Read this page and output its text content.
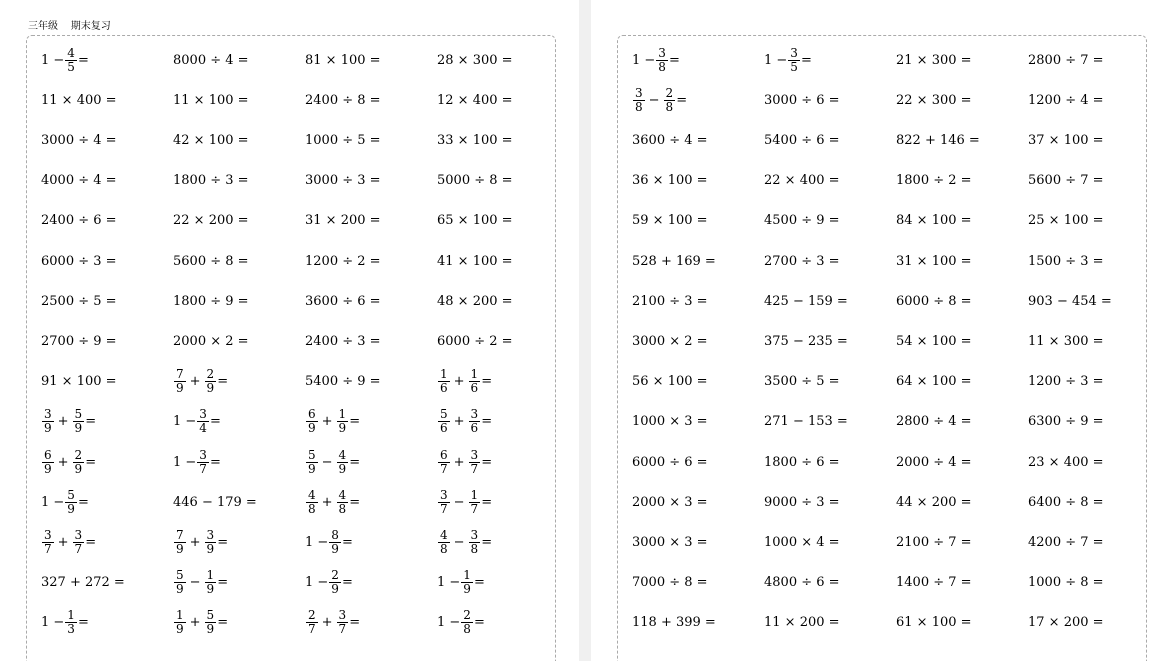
三年级    期末复习
$1 - \frac{4}{5}$ =	8000 ÷ 4 =	81 × 100 =	28 × 300 =
11 × 400 =	11 × 100 =	2400 ÷ 8 =	12 × 400 =
3000 ÷ 4 =	42 × 100 =	1000 ÷ 5 =	33 × 100 =
4000 ÷ 4 =	1800 ÷ 3 =	3000 ÷ 3 =	5000 ÷ 8 =
2400 ÷ 6 =	22 × 200 =	31 × 200 =	65 × 100 =
6000 ÷ 3 =	5600 ÷ 8 =	1200 ÷ 2 =	41 × 100 =
2500 ÷ 5 =	1800 ÷ 9 =	3600 ÷ 6 =	48 × 200 =
2700 ÷ 9 =	2000 × 2 =	2400 ÷ 3 =	6000 ÷ 2 =
91 × 100 =	$\frac{7}{9} + \frac{2}{9}$ =	5400 ÷ 9 =	$\frac{1}{6} + \frac{1}{6}$ =
$\frac{3}{9} + \frac{5}{9}$ =	$1 - \frac{3}{4}$ =	$\frac{6}{9} + \frac{1}{9}$ =	$\frac{5}{6} + \frac{3}{6}$ =
$\frac{6}{9} + \frac{2}{9}$ =	$1 - \frac{3}{7}$ =	$\frac{5}{9} - \frac{4}{9}$ =	$\frac{6}{7} + \frac{3}{7}$ =
$1 - \frac{5}{9}$ =	446 − 179 =	$\frac{4}{8} + \frac{4}{8}$ =	$\frac{3}{7} - \frac{1}{7}$ =
$\frac{3}{7} + \frac{3}{7}$ =	$\frac{7}{9} + \frac{3}{9}$ =	$1 - \frac{8}{9}$ =	$\frac{4}{8} - \frac{3}{8}$ =
327 + 272 =	$\frac{5}{9} - \frac{1}{9}$ =	$1 - \frac{2}{9}$ =	$1 - \frac{1}{9}$ =
$1 - \frac{1}{3}$ =	$\frac{1}{9} + \frac{5}{9}$ =	$\frac{2}{7} + \frac{3}{7}$ =	$1 - \frac{2}{8}$ =
$1 - \frac{3}{8}$ =	$1 - \frac{3}{5}$ =	21 × 300 =	2800 ÷ 7 =
$\frac{3}{8} - \frac{2}{8}$ =	3000 ÷ 6 =	22 × 300 =	1200 ÷ 4 =
3600 ÷ 4 =	5400 ÷ 6 =	822 + 146 =	37 × 100 =
36 × 100 =	22 × 400 =	1800 ÷ 2 =	5600 ÷ 7 =
59 × 100 =	4500 ÷ 9 =	84 × 100 =	25 × 100 =
528 + 169 =	2700 ÷ 3 =	31 × 100 =	1500 ÷ 3 =
2100 ÷ 3 =	425 − 159 =	6000 ÷ 8 =	903 − 454 =
3000 × 2 =	375 − 235 =	54 × 100 =	11 × 300 =
56 × 100 =	3500 ÷ 5 =	64 × 100 =	1200 ÷ 3 =
1000 × 3 =	271 − 153 =	2800 ÷ 4 =	6300 ÷ 9 =
6000 ÷ 6 =	1800 ÷ 6 =	2000 ÷ 4 =	23 × 400 =
2000 × 3 =	9000 ÷ 3 =	44 × 200 =	6400 ÷ 8 =
3000 × 3 =	1000 × 4 =	2100 ÷ 7 =	4200 ÷ 7 =
7000 ÷ 8 =	4800 ÷ 6 =	1400 ÷ 7 =	1000 ÷ 8 =
118 + 399 =	11 × 200 =	61 × 100 =	17 × 200 =
